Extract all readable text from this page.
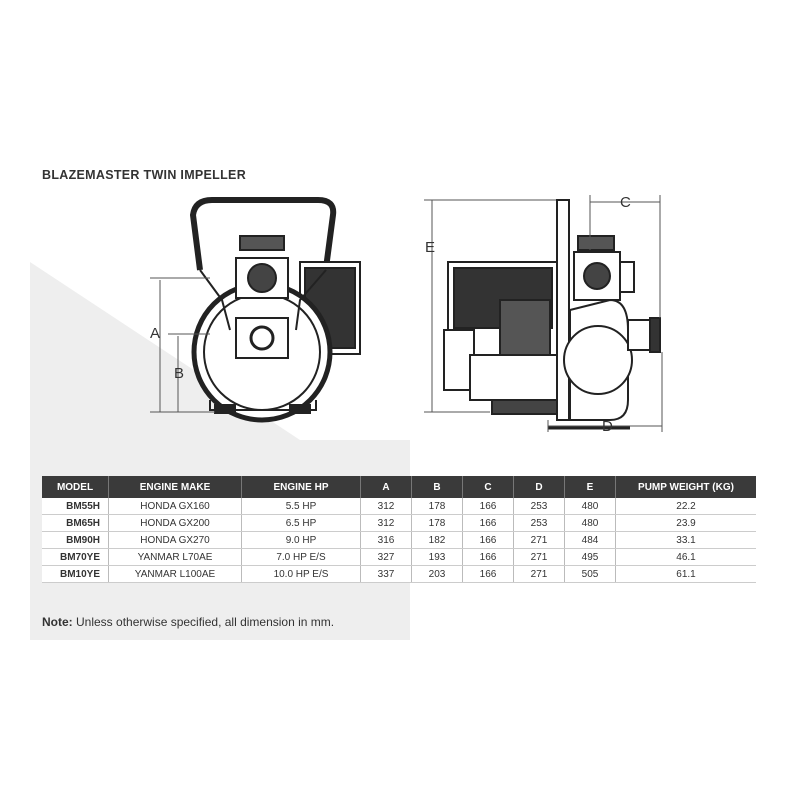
BLAZEMASTER TWIN IMPELLER
A
B
C
D
E
MODEL	ENGINE MAKE	ENGINE HP	A	B	C	D	E	PUMP WEIGHT (KG)
BM55H	HONDA GX160	5.5 HP	312	178	166	253	480	22.2
BM65H	HONDA GX200	6.5 HP	312	178	166	253	480	23.9
BM90H	HONDA GX270	9.0 HP	316	182	166	271	484	33.1
BM70YE	YANMAR L70AE	7.0 HP E/S	327	193	166	271	495	46.1
BM10YE	YANMAR L100AE	10.0 HP E/S	337	203	166	271	505	61.1
Note: Unless otherwise specified, all dimension in mm.
